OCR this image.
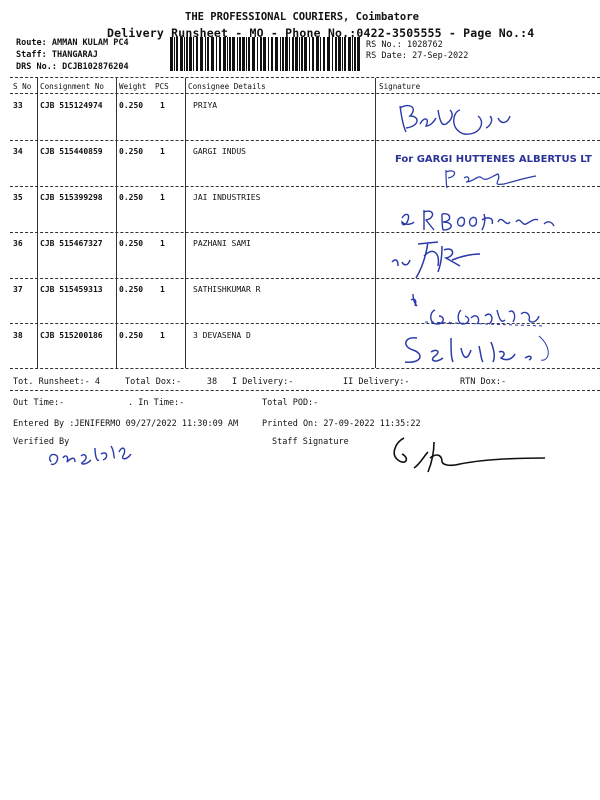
THE PROFESSIONAL COURIERS, Coimbatore
Delivery Runsheet - MO - Phone No.:0422-3505555 - Page No.:4
Route: AMMAN KULAM PC4
Staff: THANGARAJ
DRS No.: DCJB102876204
RS No.: 1028762
RS Date: 27-Sep-2022
S No Consignment No Weight PCS	Consignee Details	Signature
33 CJB 515124974 0.250 1	PRIYA
34 CJB 515440859 0.250 1	GARGI INDUS
35 CJB 515399298 0.250 1	JAI INDUSTRIES
36 CJB 515467327 0.250 1	PAZHANI SAMI
37 CJB 515459313 0.250 1	SATHISHKUMAR R
38 CJB 515200186 0.250 1	3 DEVASENA D
For GARGI HUTTENES ALBERTUS LT
Tot. Runsheet:- 4	Total Dox:-	38 I Delivery:-	II Delivery:-	RTN Dox:-
Out Time:-	. In Time:-	Total POD:-
Entered By :JENIFERMO 09/27/2022 11:30:09 AM	Printed On: 27-09-2022 11:35:22
Verified By	Staff Signature
